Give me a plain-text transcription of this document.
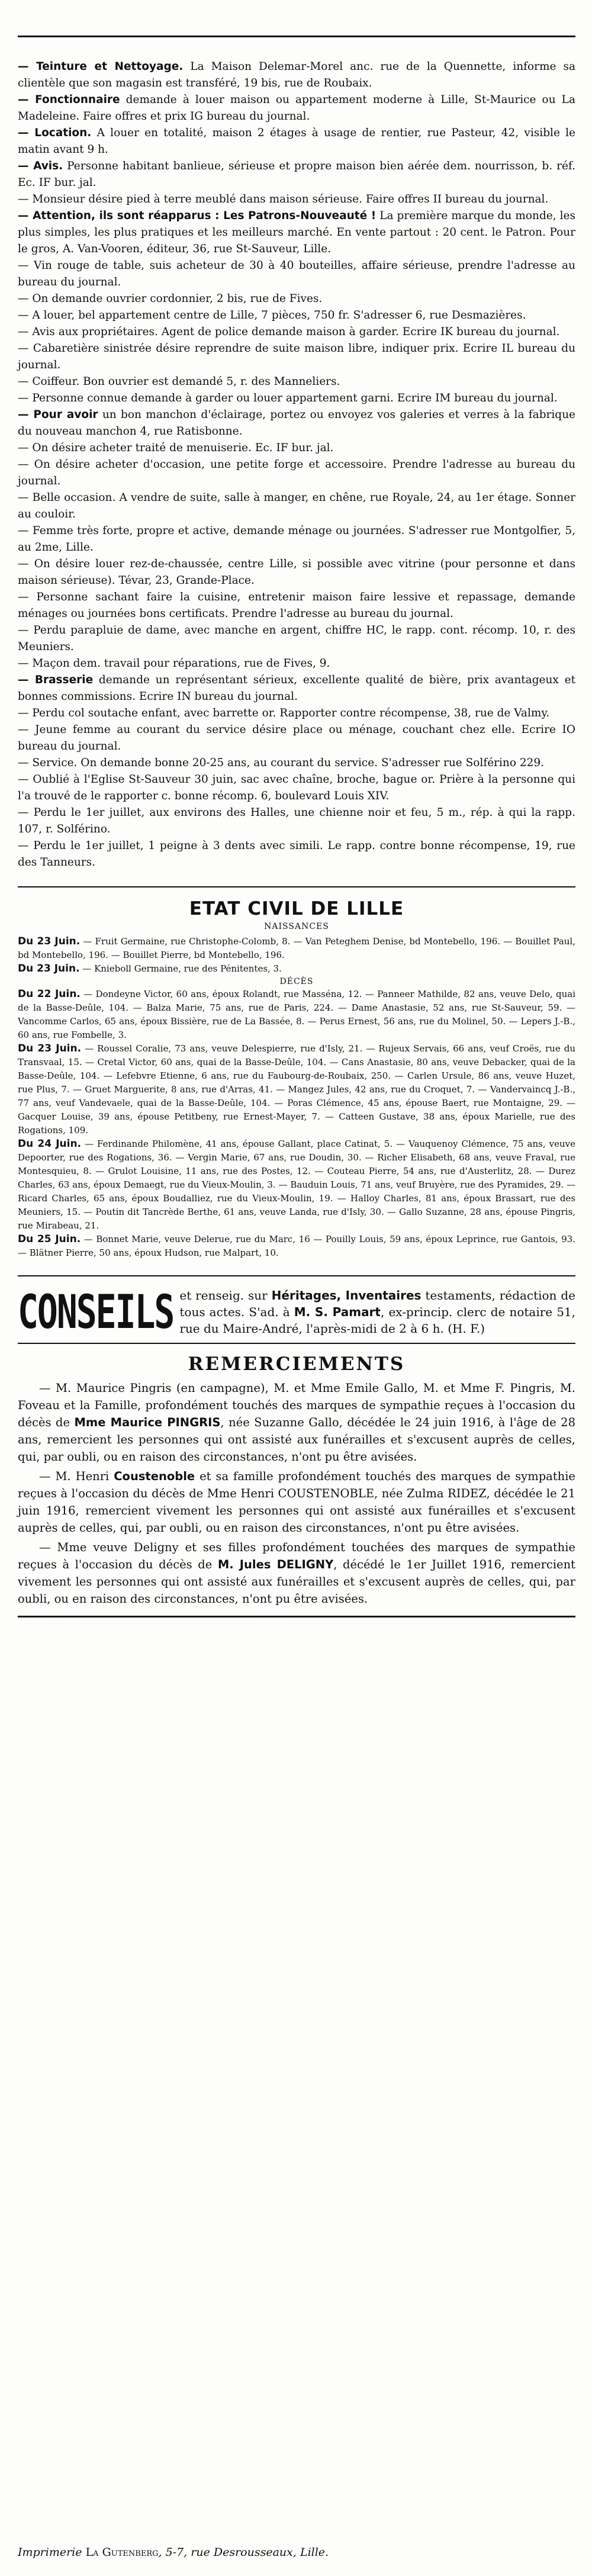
— Teinture et Nettoyage. La Maison Delemar-Morel anc. rue de la Quennette, informe sa clientèle que son magasin est transféré, 19 bis, rue de Roubaix.

— Fonctionnaire demande à louer maison ou appartement moderne à Lille, St-Maurice ou La Madeleine. Faire offres et prix IG bureau du journal.

— Location. A louer en totalité, maison 2 étages à usage de rentier, rue Pasteur, 42, visible le matin avant 9 h.

— Avis. Personne habitant banlieue, sérieuse et propre maison bien aérée dem. nourrisson, b. réf. Ec. IF bur. jal.

— Monsieur désire pied à terre meublé dans maison sérieuse. Faire offres II bureau du journal.

— Attention, ils sont réapparus : Les Patrons-Nouveauté ! La première marque du monde, les plus simples, les plus pratiques et les meilleurs marché. En vente partout : 20 cent. le Patron. Pour le gros, A. Van-Vooren, éditeur, 36, rue St-Sauveur, Lille.

— Vin rouge de table, suis acheteur de 30 à 40 bouteilles, affaire sérieuse, prendre l'adresse au bureau du journal.

— On demande ouvrier cordonnier, 2 bis, rue de Fives.

— A louer, bel appartement centre de Lille, 7 pièces, 750 fr. S'adresser 6, rue Desmazières.

— Avis aux propriétaires. Agent de police demande maison à garder. Ecrire IK bureau du journal.

— Cabaretière sinistrée désire reprendre de suite maison libre, indiquer prix. Ecrire IL bureau du journal.

— Coiffeur. Bon ouvrier est demandé 5, r. des Manneliers.

— Personne connue demande à garder ou louer appartement garni. Ecrire IM bureau du journal.

— Pour avoir un bon manchon d'éclairage, portez ou envoyez vos galeries et verres à la fabrique du nouveau manchon 4, rue Ratisbonne.

— On désire acheter traité de menuiserie. Ec. IF bur. jal.

— On désire acheter d'occasion, une petite forge et accessoire. Prendre l'adresse au bureau du journal.

— Belle occasion. A vendre de suite, salle à manger, en chêne, rue Royale, 24, au 1er étage. Sonner au couloir.

— Femme très forte, propre et active, demande ménage ou journées. S'adresser rue Montgolfier, 5, au 2me, Lille.

— On désire louer rez-de-chaussée, centre Lille, si possible avec vitrine (pour personne et dans maison sérieuse). Tévar, 23, Grande-Place.

— Personne sachant faire la cuisine, entretenir maison faire lessive et repassage, demande ménages ou journées bons certificats. Prendre l'adresse au bureau du journal.

— Perdu parapluie de dame, avec manche en argent, chiffre HC, le rapp. cont. récomp. 10, r. des Meuniers.

— Maçon dem. travail pour réparations, rue de Fives, 9.

— Brasserie demande un représentant sérieux, excellente qualité de bière, prix avantageux et bonnes commissions. Ecrire IN bureau du journal.

— Perdu col soutache enfant, avec barrette or. Rapporter contre récompense, 38, rue de Valmy.

— Jeune femme au courant du service désire place ou ménage, couchant chez elle. Ecrire IO bureau du journal.

— Service. On demande bonne 20-25 ans, au courant du service. S'adresser rue Solférino 229.

— Oublié à l'Eglise St-Sauveur 30 juin, sac avec chaîne, broche, bague or. Prière à la personne qui l'a trouvé de le rapporter c. bonne récomp. 6, boulevard Louis XIV.

— Perdu le 1er juillet, aux environs des Halles, une chienne noir et feu, 5 m., rép. à qui la rapp. 107, r. Solférino.

— Perdu le 1er juillet, 1 peigne à 3 dents avec simili. Le rapp. contre bonne récompense, 19, rue des Tanneurs.

ETAT CIVIL DE LILLE
NAISSANCES

Du 23 Juin. — Fruit Germaine, rue Christophe-Colomb, 8. — Van Peteghem Denise, bd Montebello, 196. — Bouillet Paul, bd Montebello, 196. — Bouillet Pierre, bd Montebello, 196.

Du 23 Juin. — Knieboll Germaine, rue des Pénitentes, 3.

DÉCÈS

Du 22 Juin. — Dondeyne Victor, 60 ans, époux Rolandt, rue Masséna, 12. — Panneer Mathilde, 82 ans, veuve Delo, quai de la Basse-Deûle, 104. — Balza Marie, 75 ans, rue de Paris, 224. — Dame Anastasie, 52 ans, rue St-Sauveur, 59. — Vancomme Carlos, 65 ans, époux Bissière, rue de La Bassée, 8. — Perus Ernest, 56 ans, rue du Molinel, 50. — Lepers J.-B., 60 ans, rue Fombelle, 3.

Du 23 Juin. — Roussel Coralie, 73 ans, veuve Delespierre, rue d'Isly, 21. — Rujeux Servais, 66 ans, veuf Croës, rue du Transvaal, 15. — Cretal Victor, 60 ans, quai de la Basse-Deûle, 104. — Cans Anastasie, 80 ans, veuve Debacker, quai de la Basse-Deûle, 104. — Lefebvre Etienne, 6 ans, rue du Faubourg-de-Roubaix, 250. — Carlen Ursule, 86 ans, veuve Huzet, rue Plus, 7. — Gruet Marguerite, 8 ans, rue d'Arras, 41. — Mangez Jules, 42 ans, rue du Croquet, 7. — Vandervaincq J.-B., 77 ans, veuf Vandevaele, quai de la Basse-Deûle, 104. — Poras Clémence, 45 ans, épouse Baert, rue Montaigne, 29. — Gacquer Louise, 39 ans, épouse Petitbeny, rue Ernest-Mayer, 7. — Catteen Gustave, 38 ans, époux Marielle, rue des Rogations, 109.

Du 24 Juin. — Ferdinande Philomène, 41 ans, épouse Gallant, place Catinat, 5. — Vauquenoy Clémence, 75 ans, veuve Depoorter, rue des Rogations, 36. — Vergin Marie, 67 ans, rue Doudin, 30. — Richer Elisabeth, 68 ans, veuve Fraval, rue Montesquieu, 8. — Grulot Louisine, 11 ans, rue des Postes, 12. — Couteau Pierre, 54 ans, rue d'Austerlitz, 28. — Durez Charles, 63 ans, époux Demaegt, rue du Vieux-Moulin, 3. — Bauduin Louis, 71 ans, veuf Bruyère, rue des Pyramides, 29. — Ricard Charles, 65 ans, époux Boudalliez, rue du Vieux-Moulin, 19. — Halloy Charles, 81 ans, époux Brassart, rue des Meuniers, 15. — Poutin dit Tancrède Berthe, 61 ans, veuve Landa, rue d'Isly, 30. — Gallo Suzanne, 28 ans, épouse Pingris, rue Mirabeau, 21.

Du 25 Juin. — Bonnet Marie, veuve Delerue, rue du Marc, 16 — Pouilly Louis, 59 ans, époux Leprince, rue Gantois, 93. — Blätner Pierre, 50 ans, époux Hudson, rue Malpart, 10.

CONSEILS et renseig. sur Héritages, Inventaires testaments, rédaction de tous actes. S'ad. à M. S. Pamart, ex-princip. clerc de notaire 51, rue du Maire-André, l'après-midi de 2 à 6 h. (H. F.)
REMERCIEMENTS

— M. Maurice Pingris (en campagne), M. et Mme Emile Gallo, M. et Mme F. Pingris, M. Foveau et la Famille, profondément touchés des marques de sympathie reçues à l'occasion du décès de Mme Maurice PINGRIS, née Suzanne Gallo, décédée le 24 juin 1916, à l'âge de 28 ans, remercient les personnes qui ont assisté aux funérailles et s'excusent auprès de celles, qui, par oubli, ou en raison des circonstances, n'ont pu être avisées.

— M. Henri Coustenoble et sa famille profondément touchés des marques de sympathie reçues à l'occasion du décès de Mme Henri COUSTENOBLE, née Zulma RIDEZ, décédée le 21 juin 1916, remercient vivement les personnes qui ont assisté aux funérailles et s'excusent auprès de celles, qui, par oubli, ou en raison des circonstances, n'ont pu être avisées.

— Mme veuve Deligny et ses filles profondément touchées des marques de sympathie reçues à l'occasion du décès de M. Jules DELIGNY, décédé le 1er Juillet 1916, remercient vivement les personnes qui ont assisté aux funérailles et s'excusent auprès de celles, qui, par oubli, ou en raison des circonstances, n'ont pu être avisées.

Imprimerie La Gutenberg, 5-7, rue Desrousseaux, Lille.
